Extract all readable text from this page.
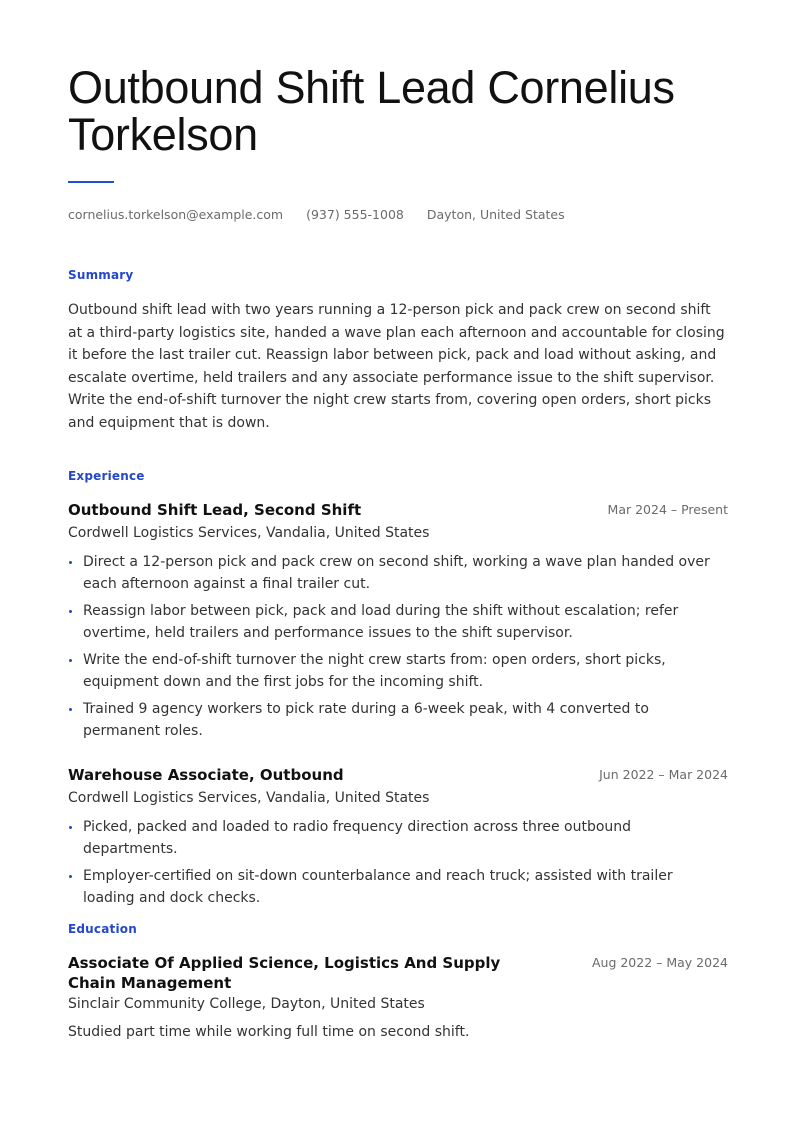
Outbound Shift Lead Cornelius Torkelson
cornelius.torkelson@example.com (937) 555-1008 Dayton, United States
Summary

Outbound shift lead with two years running a 12-person pick and pack crew on second shift at a third-party logistics site, handed a wave plan each afternoon and accountable for closing it before the last trailer cut. Reassign labor between pick, pack and load without asking, and escalate overtime, held trailers and any associate performance issue to the shift supervisor. Write the end-of-shift turnover the night crew starts from, covering open orders, short picks and equipment that is down.

Experience
Outbound Shift Lead, Second Shift	Mar 2024 – Present
Cordwell Logistics Services, Vandalia, United States
Direct a 12-person pick and pack crew on second shift, working a wave plan handed over each afternoon against a final trailer cut.
Reassign labor between pick, pack and load during the shift without escalation; refer overtime, held trailers and performance issues to the shift supervisor.
Write the end-of-shift turnover the night crew starts from: open orders, short picks, equipment down and the first jobs for the incoming shift.
Trained 9 agency workers to pick rate during a 6-week peak, with 4 converted to permanent roles.
Warehouse Associate, Outbound	Jun 2022 – Mar 2024
Cordwell Logistics Services, Vandalia, United States
Picked, packed and loaded to radio frequency direction across three outbound departments.
Employer-certified on sit-down counterbalance and reach truck; assisted with trailer loading and dock checks.
Education
Associate Of Applied Science, Logistics And Supply Chain Management
Aug 2022 – May 2024
Sinclair Community College, Dayton, United States
Studied part time while working full time on second shift.
